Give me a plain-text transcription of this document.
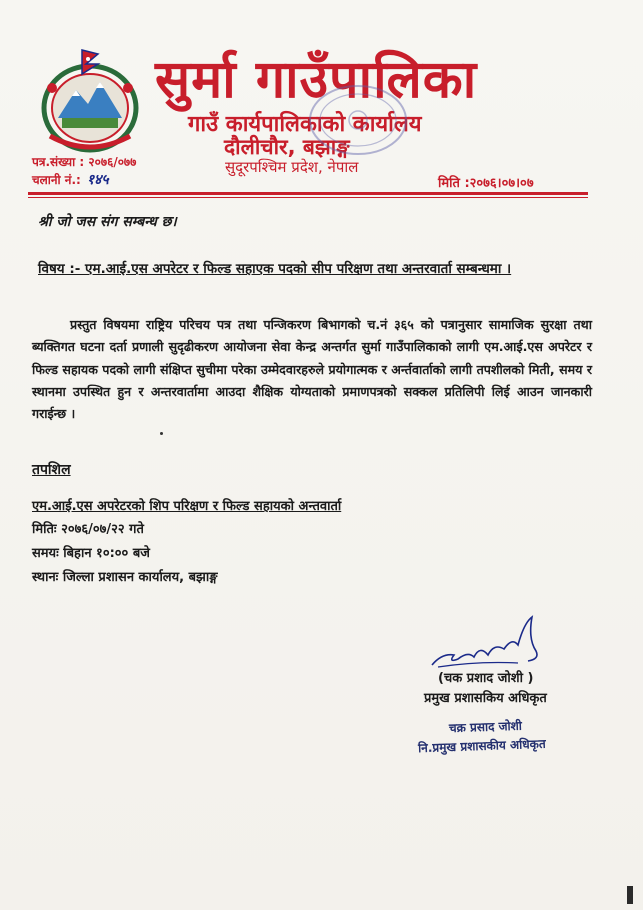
सुर्मा गाउँपालिका
गाउँ कार्यपालिकाको कार्यालय
दौलीचौर, बझाङ्ग
सुदूरपश्चिम प्रदेश, नेपाल
पत्र.संख्या : २०७६/०७७
चलानी नं.: १४५	मिति :२०७६।०७।०७
श्री जो जस संग सम्बन्ध छ।
विषय :- एम.आई.एस अपरेटर र फिल्ड सहाएक पदको सीप परिक्षण तथा अन्तरवार्ता सम्बन्धमा ।
प्रस्तुत विषयमा राष्ट्रिय परिचय पत्र तथा पन्जिकरण बिभागको च.नं ३६५ को पत्रानुसार सामाजिक सुरक्षा तथा ब्यक्तिगत घटना दर्ता प्रणाली सुदृढीकरण आयोजना सेवा केन्द्र अन्तर्गत सुर्मा गाउँपालिकाको लागी एम.आई.एस अपरेटर र फिल्ड सहायक पदको लागी संक्षिप्त सुचीमा परेका उम्मेदवारहरुले प्रयोगात्मक र अर्न्तवार्ताको लागी तपशीलको मिती, समय र स्थानमा उपस्थित हुन र अन्तरवार्तामा आउदा शैक्षिक योग्यताको प्रमाणपत्रको सक्कल प्रतिलिपी लिई आउन जानकारी गराईन्छ ।
तपशिल
एम.आई.एस अपरेटरको शिप परिक्षण र फिल्ड सहायको अन्तवार्ता
मितिः २०७६/०७/२२ गते
समयः बिहान १०:०० बजे
स्थानः जिल्ला प्रशासन कार्यालय, बझाङ्ग
(चक प्रशाद जोशी )
प्रमुख प्रशासकिय अधिकृत
चक्र प्रसाद जोशी
नि.प्रमुख प्रशासकीय अधिकृत
